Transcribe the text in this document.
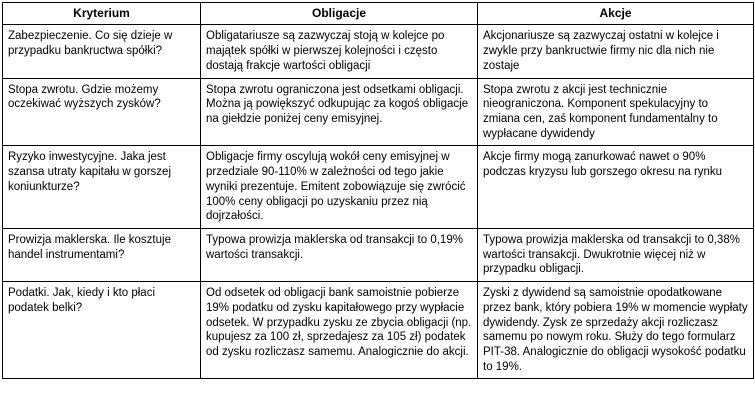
Kryterium	Obligacje	Akcje
Zabezpieczenie. Co się dzieje w przypadku bankructwa spółki?	Obligatariusze są zazwyczaj stoją w kolejce po majątek spółki w pierwszej kolejności i często dostają frakcje wartości obligacji	Akcjonariusze są zazwyczaj ostatni w kolejce i zwykle przy bankructwie firmy nic dla nich nie zostaje
Stopa zwrotu. Gdzie możemy oczekiwać wyższych zysków?	Stopa zwrotu ograniczona jest odsetkami obligacji. Można ją powiększyć odkupując za kogoś obligacje na giełdzie poniżej ceny emisyjnej.	Stopa zwrotu z akcji jest technicznie nieograniczona. Komponent spekulacyjny to zmiana cen, zaś komponent fundamentalny to wypłacane dywidendy
Ryzyko inwestycyjne. Jaka jest szansa utraty kapitału w gorszej koniunkturze?	Obligacje firmy oscylują wokół ceny emisyjnej w przedziale 90-110% w zależności od tego jakie wyniki prezentuje. Emitent zobowiązuje się zwrócić 100% ceny obligacji po uzyskaniu przez nią dojrzałości.	Akcje firmy mogą zanurkować nawet o 90% podczas kryzysu lub gorszego okresu na rynku
Prowizja maklerska. Ile kosztuje handel instrumentami?	Typowa prowizja maklerska od transakcji to 0,19% wartości transakcji.	Typowa prowizja maklerska od transakcji to 0,38% wartości transakcji. Dwukrotnie więcej niż w przypadku obligacji.
Podatki. Jak, kiedy i kto płaci podatek belki?	Od odsetek od obligacji bank samoistnie pobierze 19% podatku od zysku kapitałowego przy wypłacie odsetek. W przypadku zysku ze zbycia obligacji (np. kupujesz za 100 zł, sprzedajesz za 105 zł) podatek od zysku rozliczasz samemu. Analogicznie do akcji.	Zyski z dywidend są samoistnie opodatkowane przez bank, który pobiera 19% w momencie wypłaty dywidendy. Zysk ze sprzedaży akcji rozliczasz samemu po nowym roku. Służy do tego formularz PIT-38. Analogicznie do obligacji wysokość podatku to 19%.
